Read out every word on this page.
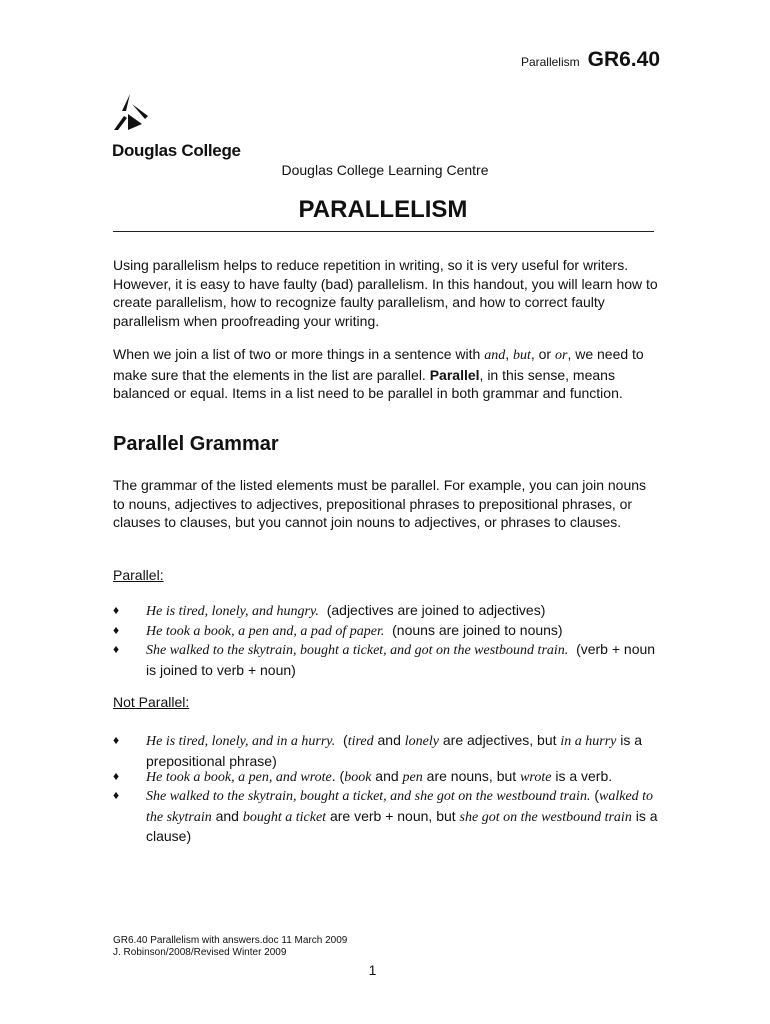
Parallelism GR6.40
Douglas College
Douglas College Learning Centre
PARALLELISM
Using parallelism helps to reduce repetition in writing, so it is very useful for writers. However, it is easy to have faulty (bad) parallelism. In this handout, you will learn how to create parallelism, how to recognize faulty parallelism, and how to correct faulty parallelism when proofreading your writing.
When we join a list of two or more things in a sentence with and, but, or or, we need to make sure that the elements in the list are parallel. Parallel, in this sense, means balanced or equal. Items in a list need to be parallel in both grammar and function.
Parallel Grammar
The grammar of the listed elements must be parallel. For example, you can join nouns to nouns, adjectives to adjectives, prepositional phrases to prepositional phrases, or clauses to clauses, but you cannot join nouns to adjectives, or phrases to clauses.
Parallel:
♦ He is tired, lonely, and hungry. (adjectives are joined to adjectives)
♦ He took a book, a pen and, a pad of paper. (nouns are joined to nouns)
♦ She walked to the skytrain, bought a ticket, and got on the westbound train. (verb + noun is joined to verb + noun)
Not Parallel:
♦ He is tired, lonely, and in a hurry. (tired and lonely are adjectives, but in a hurry is a prepositional phrase)
♦ He took a book, a pen, and wrote. (book and pen are nouns, but wrote is a verb.
♦ She walked to the skytrain, bought a ticket, and she got on the westbound train. (walked to the skytrain and bought a ticket are verb + noun, but she got on the westbound train is a clause)
GR6.40 Parallelism with answers.doc 11 March 2009
J. Robinson/2008/Revised Winter 2009
1
